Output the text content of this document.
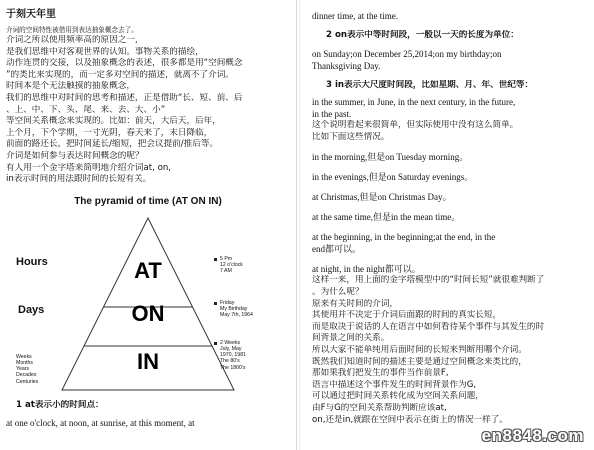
于刻天年里
介词的空间特性被借用到表达抽象概念去了。
介词之所以使用频率高的原因之一，
是我们思维中对客观世界的认知。事物关系的描绘，
动作连贯的交接，以及抽象概念的表述，很多都是用“空间概念
”的类比来实现的，而一定多对空间的描述，就离不了介词。
时间本是个无法触摸的抽象概念，
我们的思维中对时间的思考和描述，正是借助“长、短、前、后
、上、中、下、头、尾、来、去、大、小”
等空间关系概念来实现的。比如：前天，大后天，后年，
上个月，下个学期，一寸光阴，春天来了，末日降临，
前面的路还长，把时间延长/缩短，把会议提前/推后等。
介词是如何参与表达时间概念的呢？
有人用一个金字塔来简明地介绍介词at, on,
in表示时间的用法跟时间的长短有关。
The pyramid of time (AT ON IN)
AT
ON
IN
Hours
Days
Weeks
Months
Years
Decades
Centuries
5 Pm
12 o'clock
7 AM
Friday
My Birthday
May 7th, 1964
2 Weeks
July, May
1970, 1981
The 80's
The 1800's
1 at表示小的时间点：
at one o'clock, at noon, at sunrise, at this moment, at
dinner time, at the time.
2 on表示中等时间段，一般以一天的长度为单位：
on Sunday;on December 25,2014;on my birthday;on
Thanksgiving Day.
3 in表示大尺度时间段，比如星期、月、年、世纪等：
in the summer, in June, in the next century, in the future,
in the past.
这个说明看起来很简单，但实际使用中没有这么简单。
比如下面这些情况。
in the morning,但是on Tuesday morning。
in the evenings,但是on Saturday evenings。
at Christmas,但是on Christmas Day。
at the same time,但是in the mean time。
at the beginning, in the beginning;at the end, in the
end都可以。
at night, in the night都可以。
这样一来，用上面的金字塔模型中的“时间长短”就很难判断了
。为什么呢？
原来有关时间的介词，
其使用并不决定于介词后面跟的时间的真实长短，
而是取决于说话的人在语言中如何看待某个事件与其发生的时
间背景之间的关系。
所以大家不能单纯用后面时间的长短来判断用哪个介词。
既然我们知道时间的描述主要是通过空间概念来类比的，
那如果我们把发生的事件当作前景F,
语言中描述这个事件发生的时间背景作为G,
可以通过把时间关系转化成为空间关系问题，
由F与G的空间关系帮助判断应该at,
on,还是in,就跟在空间中表示在街上的情况一样了。
en8848.com
